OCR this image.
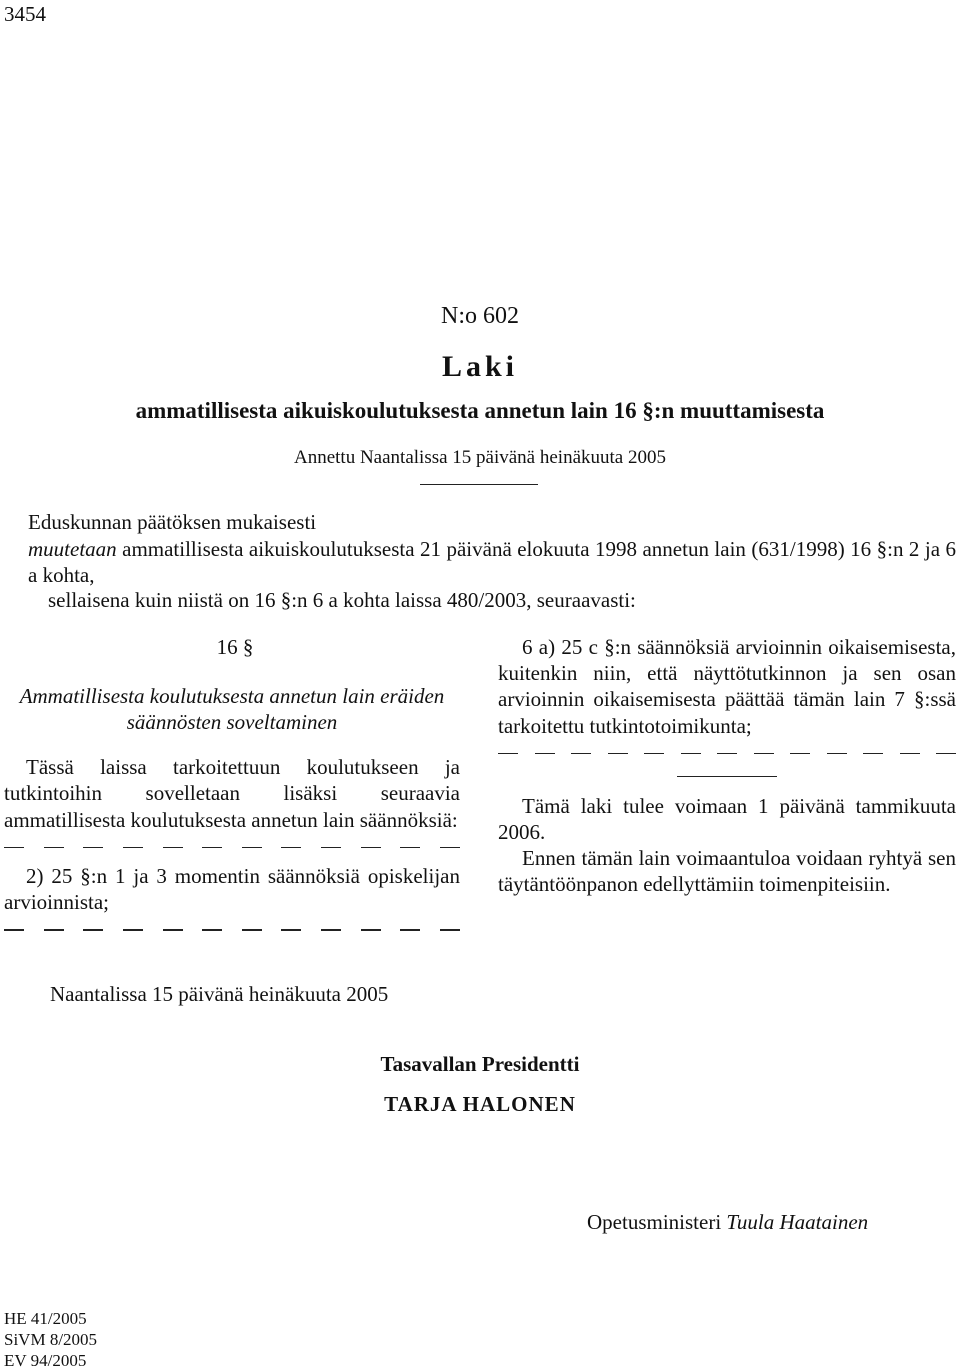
3454
N:o 602
Laki
ammatillisesta aikuiskoulutuksesta annetun lain 16 §:n muuttamisesta
Annettu Naantalissa 15 päivänä heinäkuuta 2005
Eduskunnan päätöksen mukaisesti
muutetaan ammatillisesta aikuiskoulutuksesta 21 päivänä elokuuta 1998 annetun lain (631/1998) 16 §:n 2 ja 6 a kohta,
sellaisena kuin niistä on 16 §:n 6 a kohta laissa 480/2003, seuraavasti:
16 §
Ammatillisesta koulutuksesta annetun lain eräiden säännösten soveltaminen
Tässä laissa tarkoitettuun koulutukseen ja tutkintoihin sovelletaan lisäksi seuraavia ammatillisesta koulutuksesta annetun lain säännöksiä:
2) 25 §:n 1 ja 3 momentin säännöksiä opiskelijan arvioinnista;
6 a) 25 c §:n säännöksiä arvioinnin oikaisemisesta, kuitenkin niin, että näyttötutkinnon ja sen osan arvioinnin oikaisemisesta päättää tämän lain 7 §:ssä tarkoitettu tutkintotoimikunta;
Tämä laki tulee voimaan 1 päivänä tammikuuta 2006.
Ennen tämän lain voimaantuloa voidaan ryhtyä sen täytäntöönpanon edellyttämiin toimenpiteisiin.
Naantalissa 15 päivänä heinäkuuta 2005
Tasavallan Presidentti
TARJA HALONEN
Opetusministeri Tuula Haatainen
HE 41/2005
SiVM 8/2005
EV 94/2005
